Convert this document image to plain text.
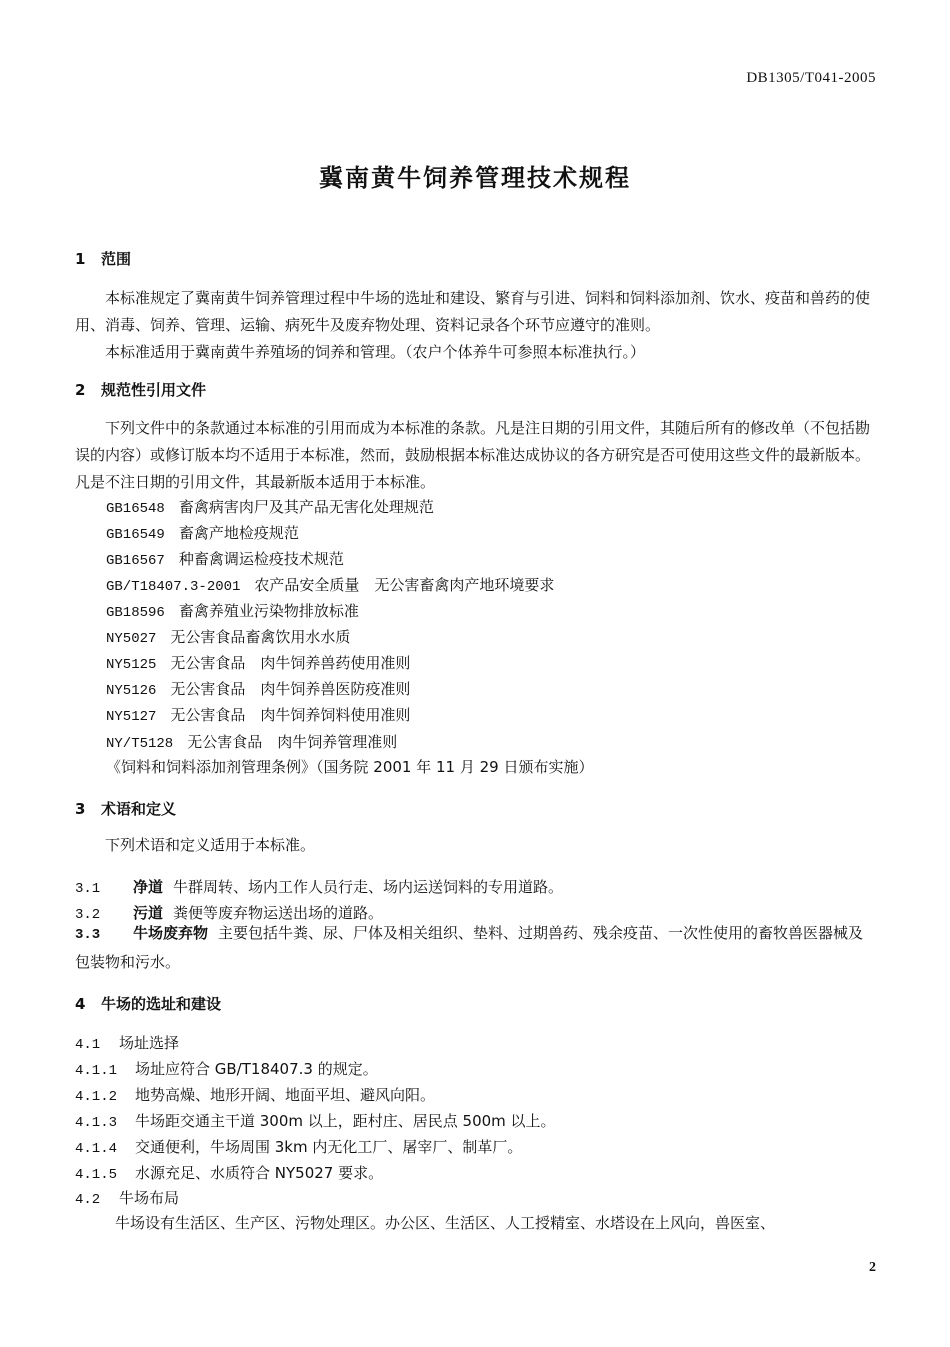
DB1305/T041-2005
冀南黄牛饲养管理技术规程
1 范围
本标准规定了冀南黄牛饲养管理过程中牛场的选址和建设、繁育与引进、饲料和饲料添加剂、饮水、疫苗和兽药的使用、消毒、饲养、管理、运输、病死牛及废弃物处理、资料记录各个环节应遵守的准则。
本标准适用于冀南黄牛养殖场的饲养和管理。（农户个体养牛可参照本标准执行。）
2 规范性引用文件
下列文件中的条款通过本标准的引用而成为本标准的条款。凡是注日期的引用文件，其随后所有的修改单（不包括勘误的内容）或修订版本均不适用于本标准，然而，鼓励根据本标准达成协议的各方研究是否可使用这些文件的最新版本。凡是不注日期的引用文件，其最新版本适用于本标准。
GB16548 畜禽病害肉尸及其产品无害化处理规范
GB16549 畜禽产地检疫规范
GB16567 种畜禽调运检疫技术规范
GB/T18407.3-2001 农产品安全质量　无公害畜禽肉产地环境要求
GB18596 畜禽养殖业污染物排放标准
NY5027 无公害食品畜禽饮用水水质
NY5125 无公害食品　肉牛饲养兽药使用准则
NY5126 无公害食品　肉牛饲养兽医防疫准则
NY5127 无公害食品　肉牛饲养饲料使用准则
NY/T5128 无公害食品　肉牛饲养管理准则
《饲料和饲料添加剂管理条例》（国务院 2001 年 11 月 29 日颁布实施）
3 术语和定义
下列术语和定义适用于本标准。
3.1 净道 牛群周转、场内工作人员行走、场内运送饲料的专用道路。
3.2 污道 粪便等废弃物运送出场的道路。
3.3 牛场废弃物 主要包括牛粪、尿、尸体及相关组织、垫料、过期兽药、残余疫苗、一次性使用的畜牧兽医器械及包装物和污水。
4 牛场的选址和建设
4.1 场址选择
4.1.1 场址应符合 GB/T18407.3 的规定。
4.1.2 地势高燥、地形开阔、地面平坦、避风向阳。
4.1.3 牛场距交通主干道 300m 以上，距村庄、居民点 500m 以上。
4.1.4 交通便利，牛场周围 3km 内无化工厂、屠宰厂、制革厂。
4.1.5 水源充足、水质符合 NY5027 要求。
4.2 牛场布局
牛场设有生活区、生产区、污物处理区。办公区、生活区、人工授精室、水塔设在上风向，兽医室、
2
